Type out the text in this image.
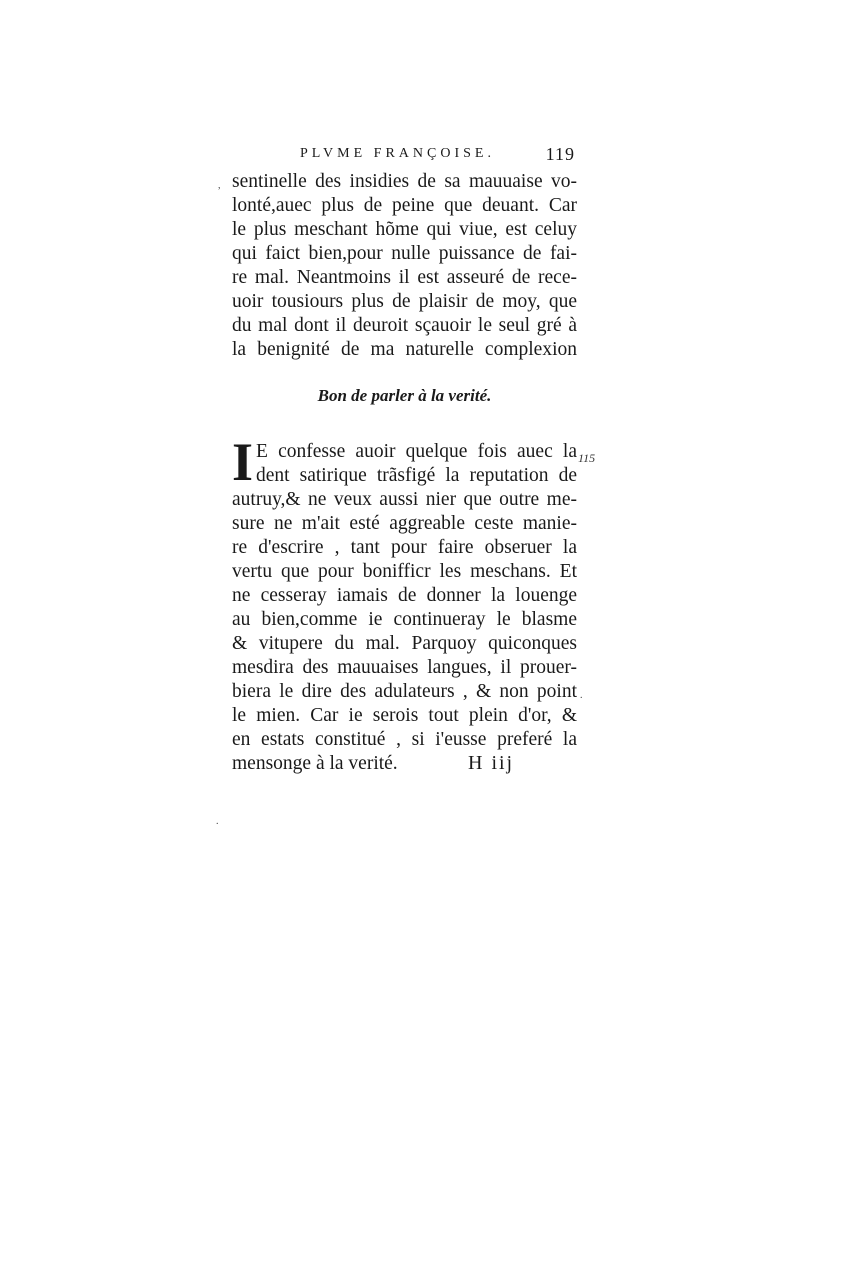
PLVME FRANÇOISE.	119
, sentinelle des insidies de sa mauuaise vo-
lonté,auec plus de peine que deuant. Car
le plus meschant hõme qui viue, est celuy
qui faict bien,pour nulle puissance de fai-
re mal. Neantmoins il est asseuré de rece-
uoir tousiours plus de plaisir de moy, que
du mal dont il deuroit sçauoir le seul gré à
la benignité de ma naturelle complexion
Bon de parler à la verité.
I	115
E confesse auoir quelque fois auec la
dent satirique trãsfigé la reputation de
autruy,& ne veux aussi nier que outre me-
sure ne m'ait esté aggreable ceste manie-
re d'escrire , tant pour faire obseruer la
vertu que pour bonifficr les meschans. Et
ne cesseray iamais de donner la louenge
au bien,comme ie continueray le blasme
& vitupere du mal. Parquoy quiconques
mesdira des mauuaises langues, il prouer-
biera le dire des adulateurs , & non point
le mien. Car ie serois tout plein d'or, &
en estats constitué , si i'eusse preferé la
mensonge à la verité.	H iij
.
.
